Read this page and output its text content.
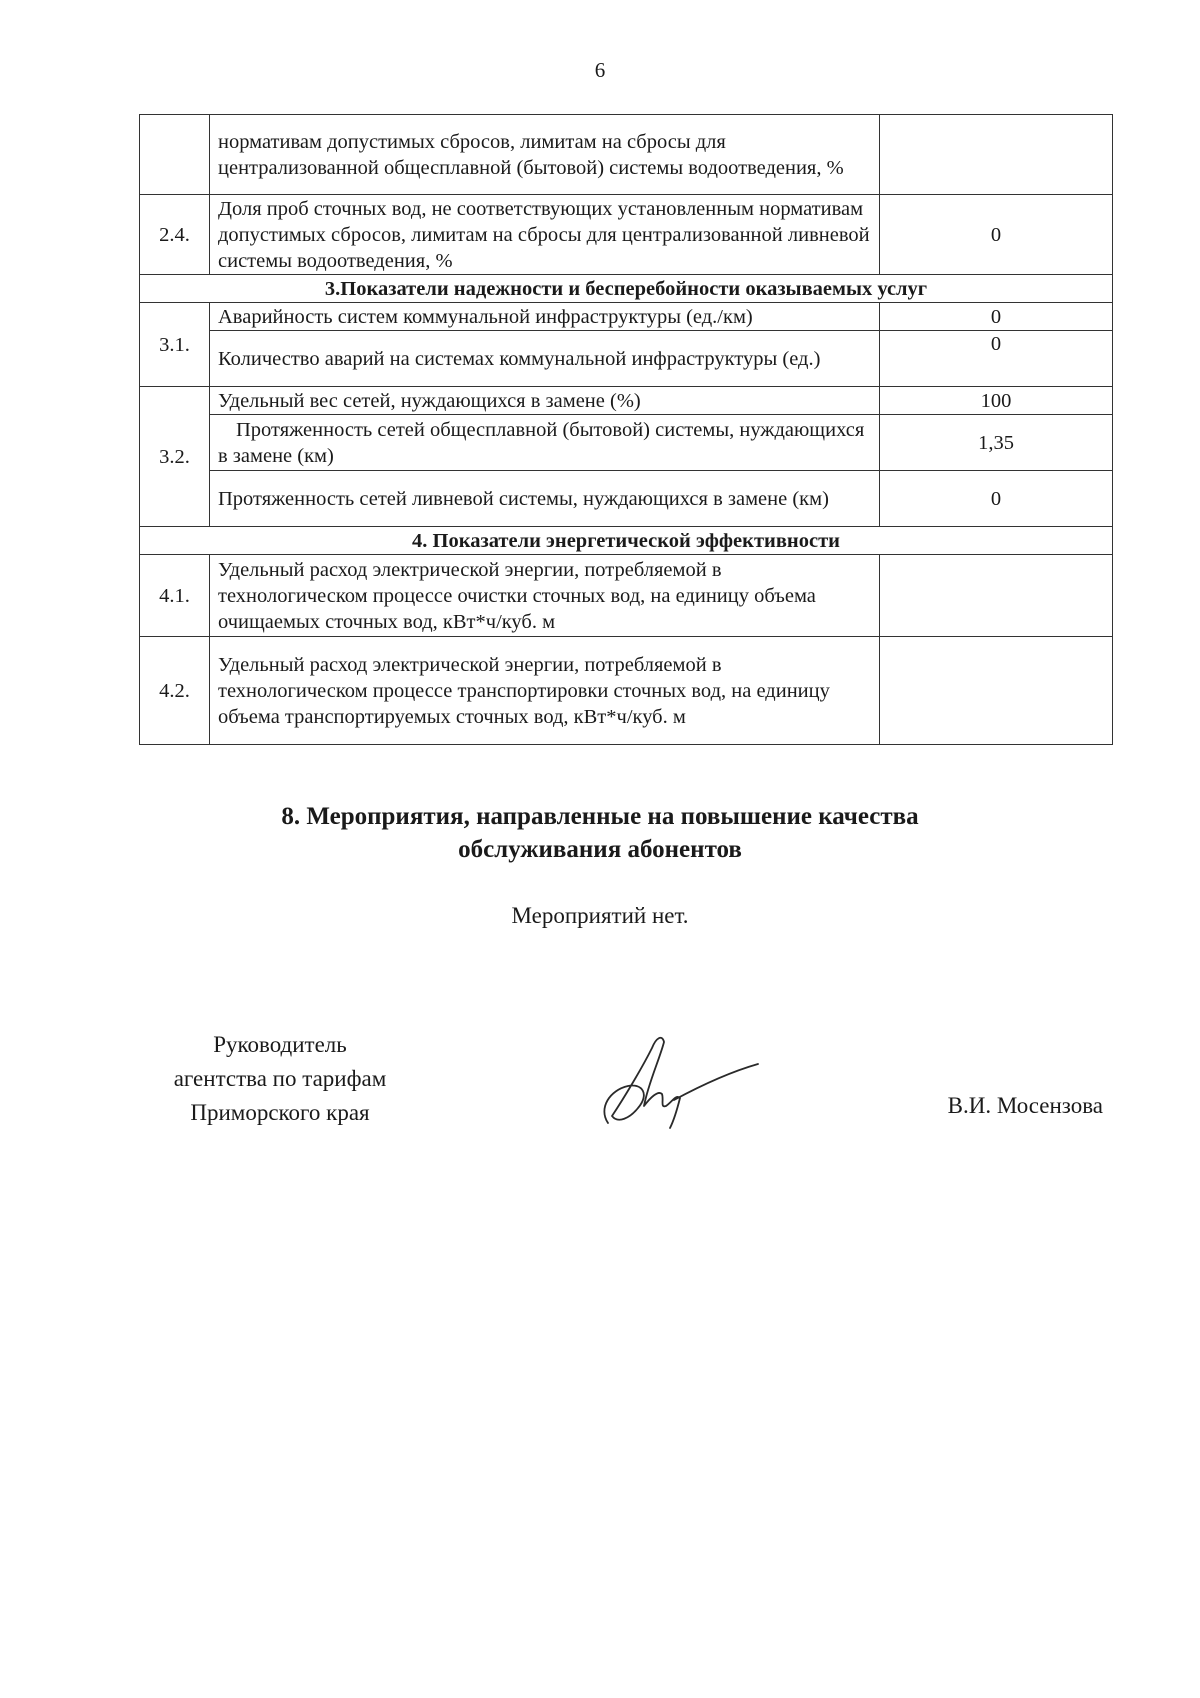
6
	нормативам допустимых сбросов, лимитам на сбросы для централизованной общесплавной (бытовой) системы водоотведения, %	
2.4.	Доля проб сточных вод, не соответствующих установленным нормативам допустимых сбросов, лимитам на сбросы для централизованной ливневой системы водоотведения, %	0
3.Показатели надежности и бесперебойности оказываемых услуг		
3.1.	Аварийность систем коммунальной инфраструктуры (ед./км)	0
	Количество аварий на системах коммунальной инфраструктуры (ед.)	0
3.2.	Удельный вес сетей, нуждающихся в замене (%)	100
	Протяженность сетей общесплавной (бытовой) системы, нуждающихся в замене (км)	1,35
	Протяженность сетей ливневой системы, нуждающихся в замене (км)	0
4. Показатели энергетической эффективности		
4.1.	Удельный расход электрической энергии, потребляемой в технологическом процессе очистки сточных вод, на единицу объема очищаемых сточных вод, кВт*ч/куб. м	
4.2.	Удельный расход электрической энергии, потребляемой в технологическом процессе транспортировки сточных вод, на единицу объема транспортируемых сточных вод, кВт*ч/куб. м	
8. Мероприятия, направленные на повышение качества
обслуживания абонентов
Мероприятий нет.
Руководитель
агентства по тарифам
Приморского края	В.И. Мосензова
